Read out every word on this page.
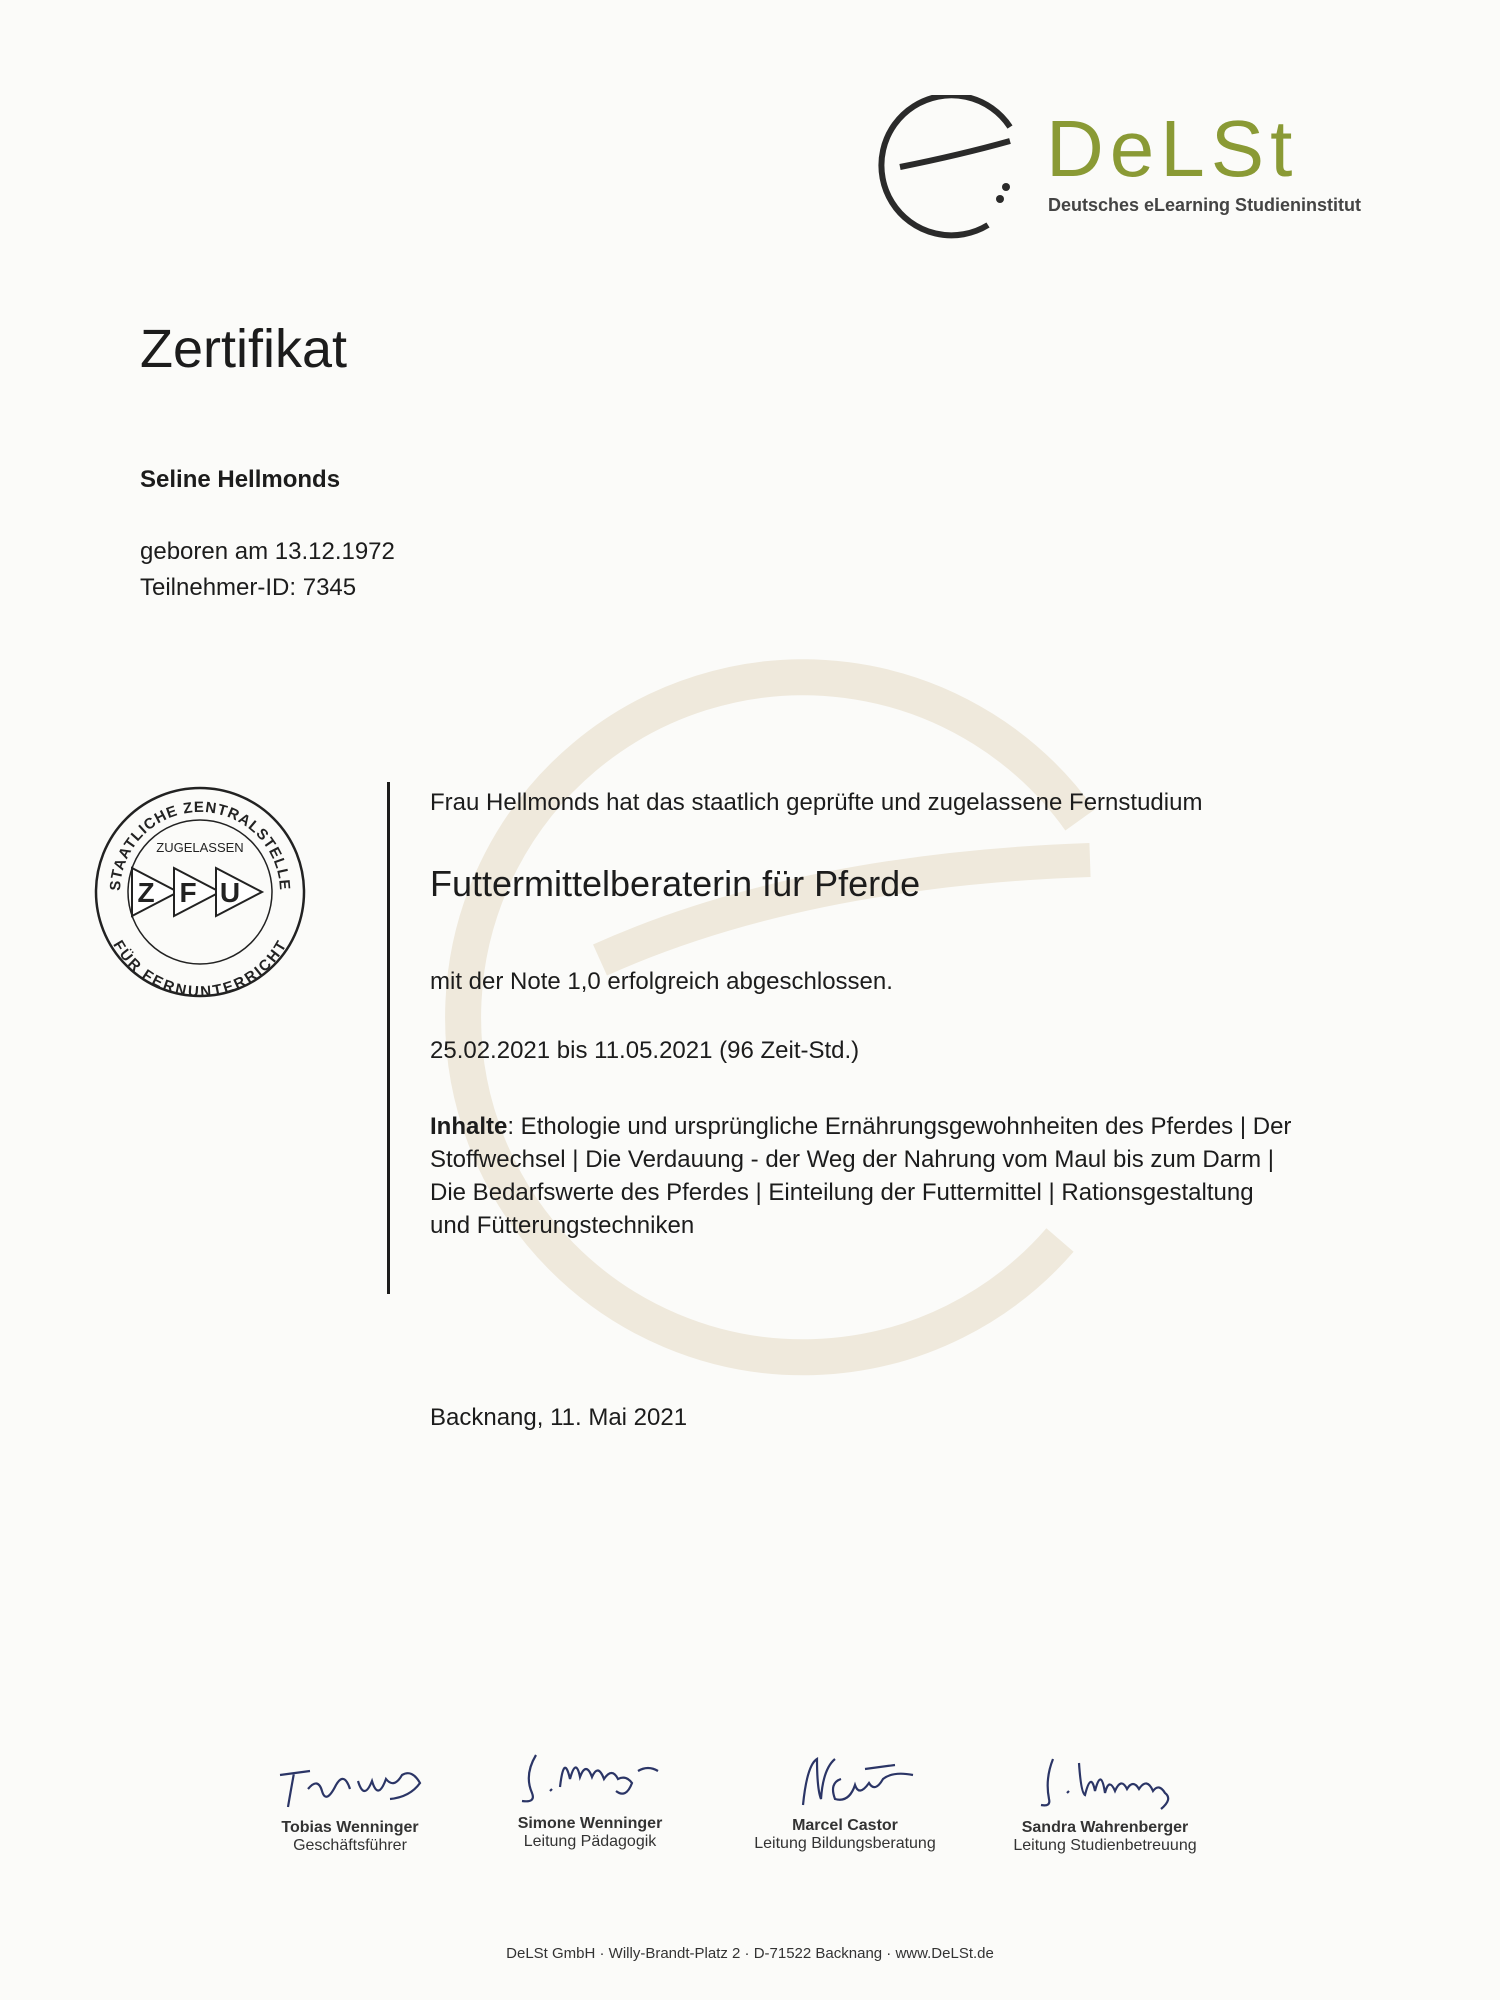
DeLSt
Deutsches eLearning Studieninstitut
Zertifikat
Seline Hellmonds
geboren am 13.12.1972
Teilnehmer-ID: 7345
STAATLICHE ZENTRALSTELLE
FÜR FERNUNTERRICHT
ZUGELASSEN
Z F U
Frau Hellmonds hat das staatlich geprüfte und zugelassene Fernstudium
Futtermittelberaterin für Pferde
mit der Note 1,0 erfolgreich abgeschlossen.
25.02.2021 bis 11.05.2021 (96 Zeit-Std.)
Inhalte: Ethologie und ursprüngliche Ernährungsgewohnheiten des Pferdes | Der Stoffwechsel | Die Verdauung - der Weg der Nahrung vom Maul bis zum Darm | Die Bedarfswerte des Pferdes | Einteilung der Futtermittel | Rationsgestaltung und Fütterungstechniken
Backnang, 11. Mai 2021
Tobias Wenninger
Geschäftsführer
Simone Wenninger
Leitung Pädagogik
Marcel Castor
Leitung Bildungsberatung
Sandra Wahrenberger
Leitung Studienbetreuung
DeLSt GmbH · Willy-Brandt-Platz 2 · D-71522 Backnang · www.DeLSt.de
